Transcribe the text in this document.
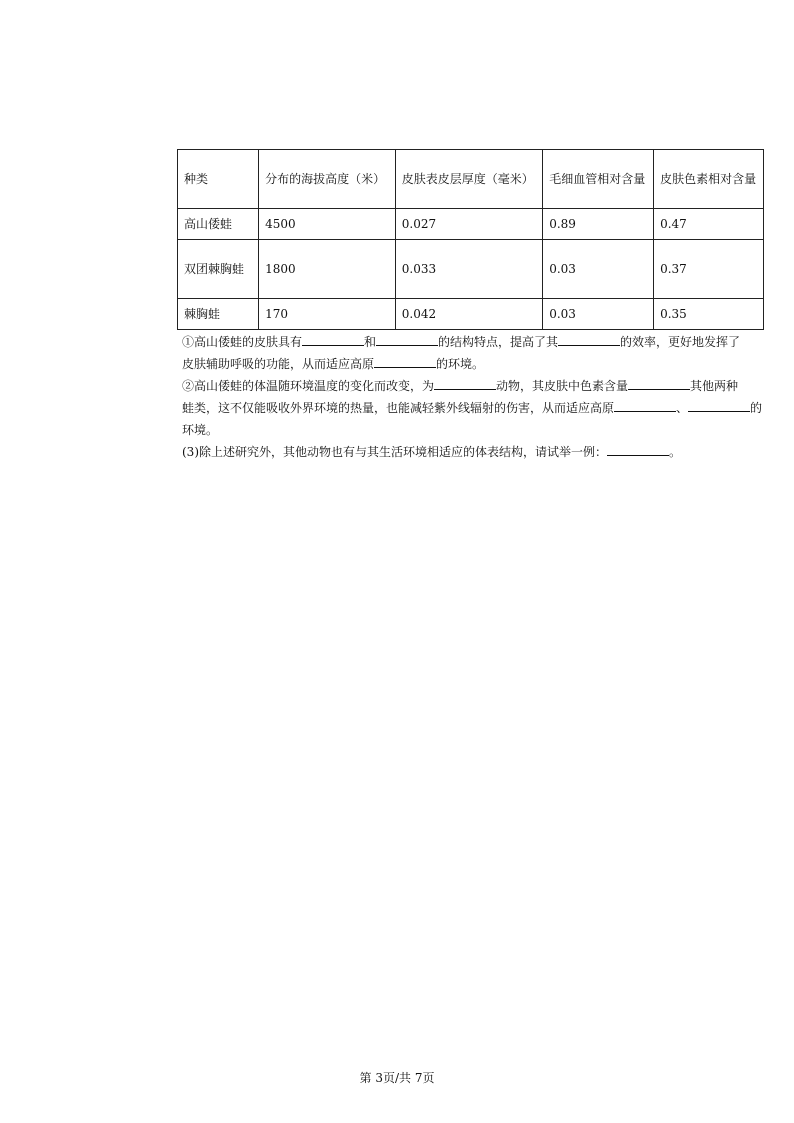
种类	分布的海拔高度（米）	皮肤表皮层厚度（毫米）	毛细血管相对含量	皮肤色素相对含量
高山倭蛙	4500	0.027	0.89	0.47
双团棘胸蛙	1800	0.033	0.03	0.37
棘胸蛙	170	0.042	0.03	0.35
①高山倭蛙的皮肤具有	和	的结构特点，提高了其	的效率，更好地发挥了
皮肤辅助呼吸的功能，从而适应高原	的环境。
②高山倭蛙的体温随环境温度的变化而改变，为	动物，其皮肤中色素含量	其他两种
蛙类，这不仅能吸收外界环境的热量，也能减轻紫外线辐射的伤害，从而适应高原	、	的
环境。
(3)除上述研究外，其他动物也有与其生活环境相适应的体表结构，请试举一例：	。
第 3页/共 7页
